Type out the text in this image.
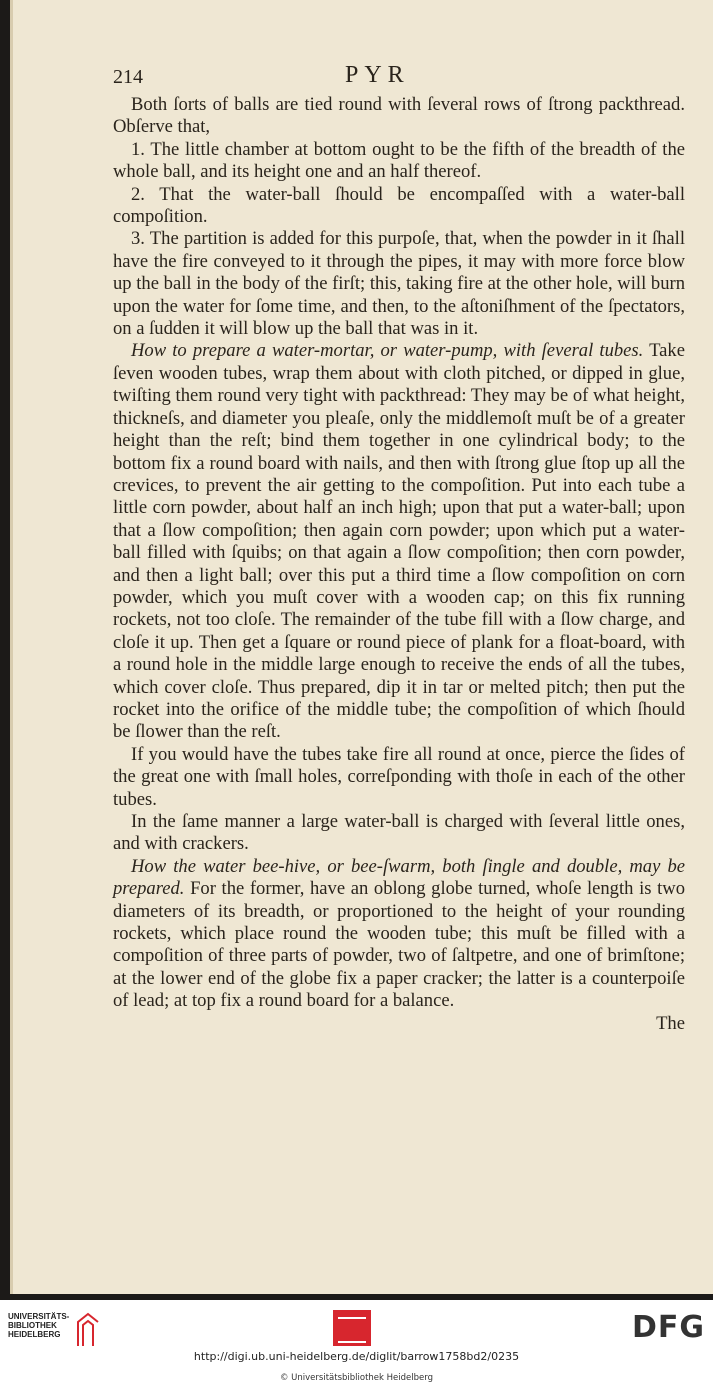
214	PYR

Both ſorts of balls are tied round with ſeveral rows of ſtrong packthread. Obſerve that,

1. The little chamber at bottom ought to be the fifth of the breadth of the whole ball, and its height one and an half thereof.

2. That the water-ball ſhould be encompaſſed with a water-ball compoſition.

3. The partition is added for this purpoſe, that, when the powder in it ſhall have the fire conveyed to it through the pipes, it may with more force blow up the ball in the body of the firſt; this, taking fire at the other hole, will burn upon the water for ſome time, and then, to the aſtoniſhment of the ſpectators, on a ſudden it will blow up the ball that was in it.

How to prepare a water-mortar, or water-pump, with ſeveral tubes. Take ſeven wooden tubes, wrap them about with cloth pitched, or dipped in glue, twiſting them round very tight with packthread: They may be of what height, thickneſs, and diameter you pleaſe, only the middlemoſt muſt be of a greater height than the reſt; bind them together in one cylindrical body; to the bottom fix a round board with nails, and then with ſtrong glue ſtop up all the crevices, to prevent the air getting to the compoſition. Put into each tube a little corn powder, about half an inch high; upon that put a water-ball; upon that a ſlow compoſition; then again corn powder; upon which put a water-ball filled with ſquibs; on that again a ſlow compoſition; then corn powder, and then a light ball; over this put a third time a ſlow compoſition on corn powder, which you muſt cover with a wooden cap; on this fix running rockets, not too cloſe. The remainder of the tube fill with a ſlow charge, and cloſe it up. Then get a ſquare or round piece of plank for a float-board, with a round hole in the middle large enough to receive the ends of all the tubes, which cover cloſe. Thus prepared, dip it in tar or melted pitch; then put the rocket into the orifice of the middle tube; the compoſition of which ſhould be ſlower than the reſt.

If you would have the tubes take fire all round at once, pierce the ſides of the great one with ſmall holes, correſponding with thoſe in each of the other tubes.

In the ſame manner a large water-ball is charged with ſeveral little ones, and with crackers.

How the water bee-hive, or bee-ſwarm, both ſingle and double, may be prepared. For the former, have an oblong globe turned, whoſe length is two diameters of its breadth, or proportioned to the height of your rounding rockets, which place round the wooden tube; this muſt be filled with a compoſition of three parts of powder, two of ſaltpetre, and one of brimſtone; at the lower end of the globe fix a paper cracker; the latter is a counterpoiſe of lead; at top fix a round board for a balance.

The
UNIVERSITÄTS-
BIBLIOTHEK
HEIDELBERG	DFG
http://digi.ub.uni-heidelberg.de/diglit/barrow1758bd2/0235
© Universitätsbibliothek Heidelberg
